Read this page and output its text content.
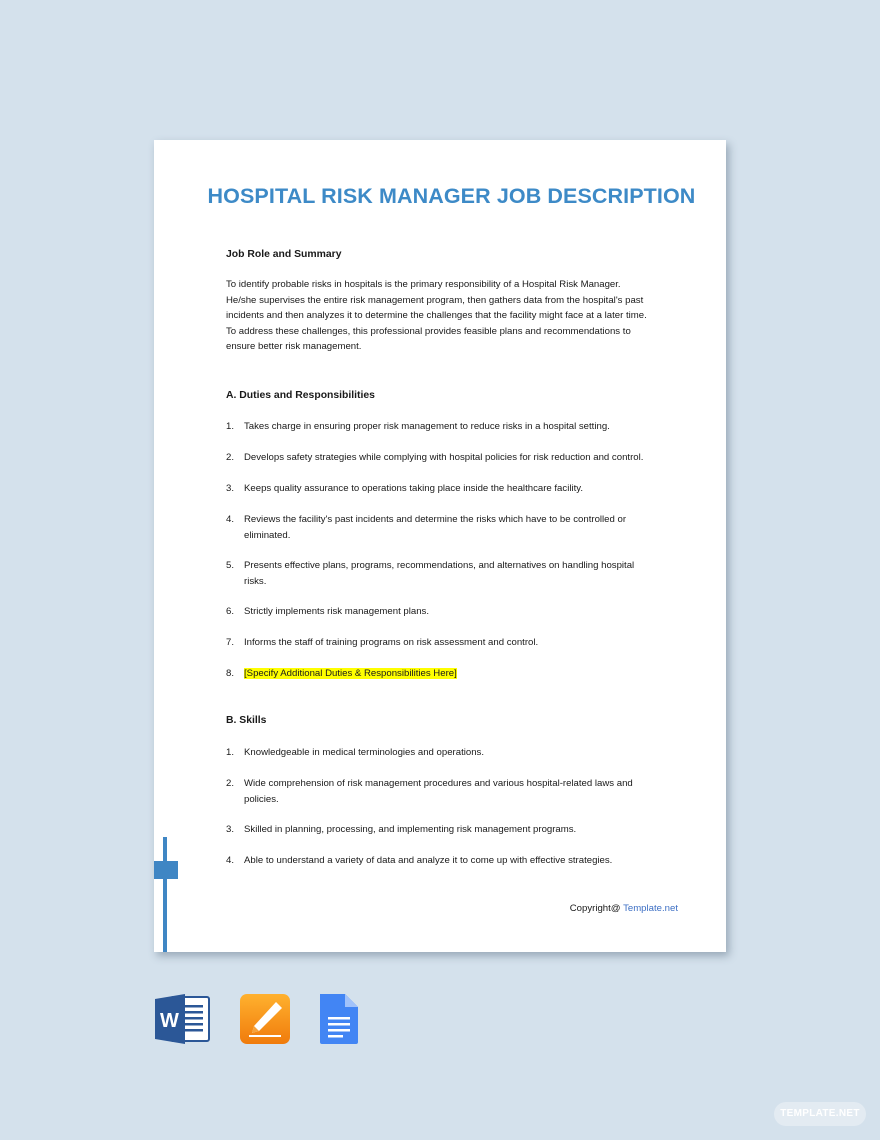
HOSPITAL RISK MANAGER JOB DESCRIPTION
Job Role and Summary
To identify probable risks in hospitals is the primary responsibility of a Hospital Risk Manager.
He/she supervises the entire risk management program, then gathers data from the hospital's past
incidents and then analyzes it to determine the challenges that the facility might face at a later time.
To address these challenges, this professional provides feasible plans and recommendations to
ensure better risk management.
A. Duties and Responsibilities
1.	Takes charge in ensuring proper risk management to reduce risks in a hospital setting.
2.	Develops safety strategies while complying with hospital policies for risk reduction and control.
3.	Keeps quality assurance to operations taking place inside the healthcare facility.
4.	Reviews the facility's past incidents and determine the risks which have to be controlled or
eliminated.
5.	Presents effective plans, programs, recommendations, and alternatives on handling hospital
risks.
6.	Strictly implements risk management plans.
7.	Informs the staff of training programs on risk assessment and control.
8.	[Specify Additional Duties & Responsibilities Here]
B. Skills
1.	Knowledgeable in medical terminologies and operations.
2.	Wide comprehension of risk management procedures and various hospital-related laws and
policies.
3.	Skilled in planning, processing, and implementing risk management programs.
4.	Able to understand a variety of data and analyze it to come up with effective strategies.
Copyright@ Template.net
W
TEMPLATE.NET
